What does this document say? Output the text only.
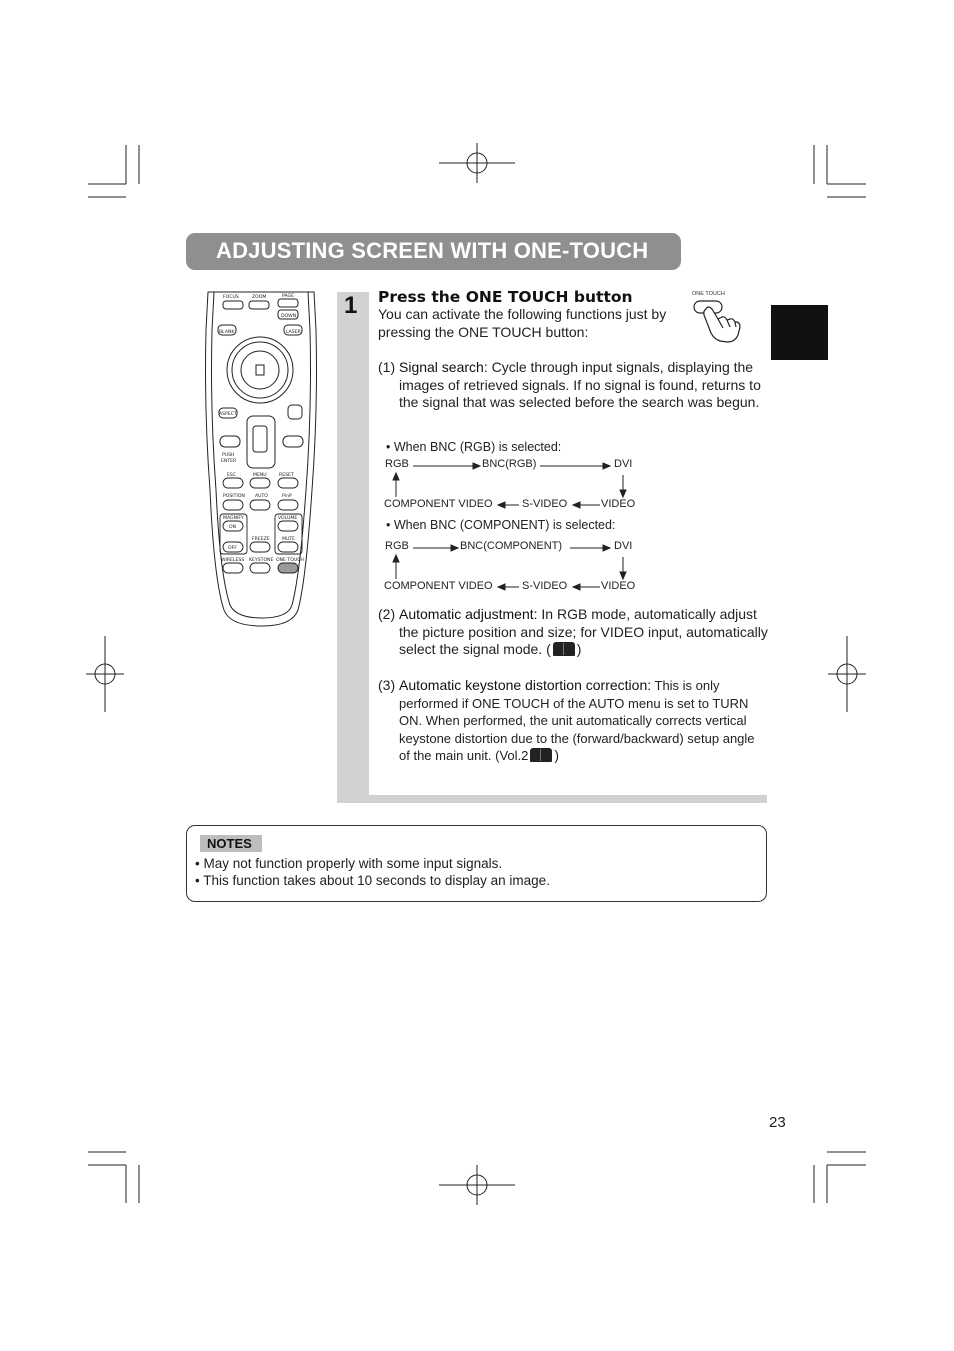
ADJUSTING SCREEN WITH ONE-TOUCH
FOCUS	ZOOM	PAGE
DOWN
BLANK	LASER
ASPECT
PUSH
ENTER
ESC	MENU	RESET
POSITION AUTO	PinP
MAGNIFY	VOLUME
ON
FREEZE	MUTE
OFF
WIRELESS KEYSTONE ONE TOUCH
1 Press the ONE TOUCH button
You can activate the following functions just by pressing the ONE TOUCH button:
ONE TOUCH
(1) Signal search: Cycle through input signals, displaying the images of retrieved signals. If no signal is found, returns to the signal that was selected before the search was begun.
• When BNC (RGB) is selected:
RGB	BNC(RGB)	DVI
COMPONENT VIDEO	S-VIDEO	VIDEO
• When BNC (COMPONENT) is selected:
RGB	BNC(COMPONENT)	DVI
COMPONENT VIDEO	S-VIDEO	VIDEO
(2) Automatic adjustment: In RGB mode, automatically adjust the picture position and size; for VIDEO input, automatically select the signal mode. ( )
(3) Automatic keystone distortion correction: This is only performed if ONE TOUCH of the AUTO menu is set to TURN ON. When performed, the unit automatically corrects vertical keystone distortion due to the (forward/backward) setup angle of the main unit. (Vol.2 )
NOTES
• May not function properly with some input signals.
• This function takes about 10 seconds to display an image.
23
